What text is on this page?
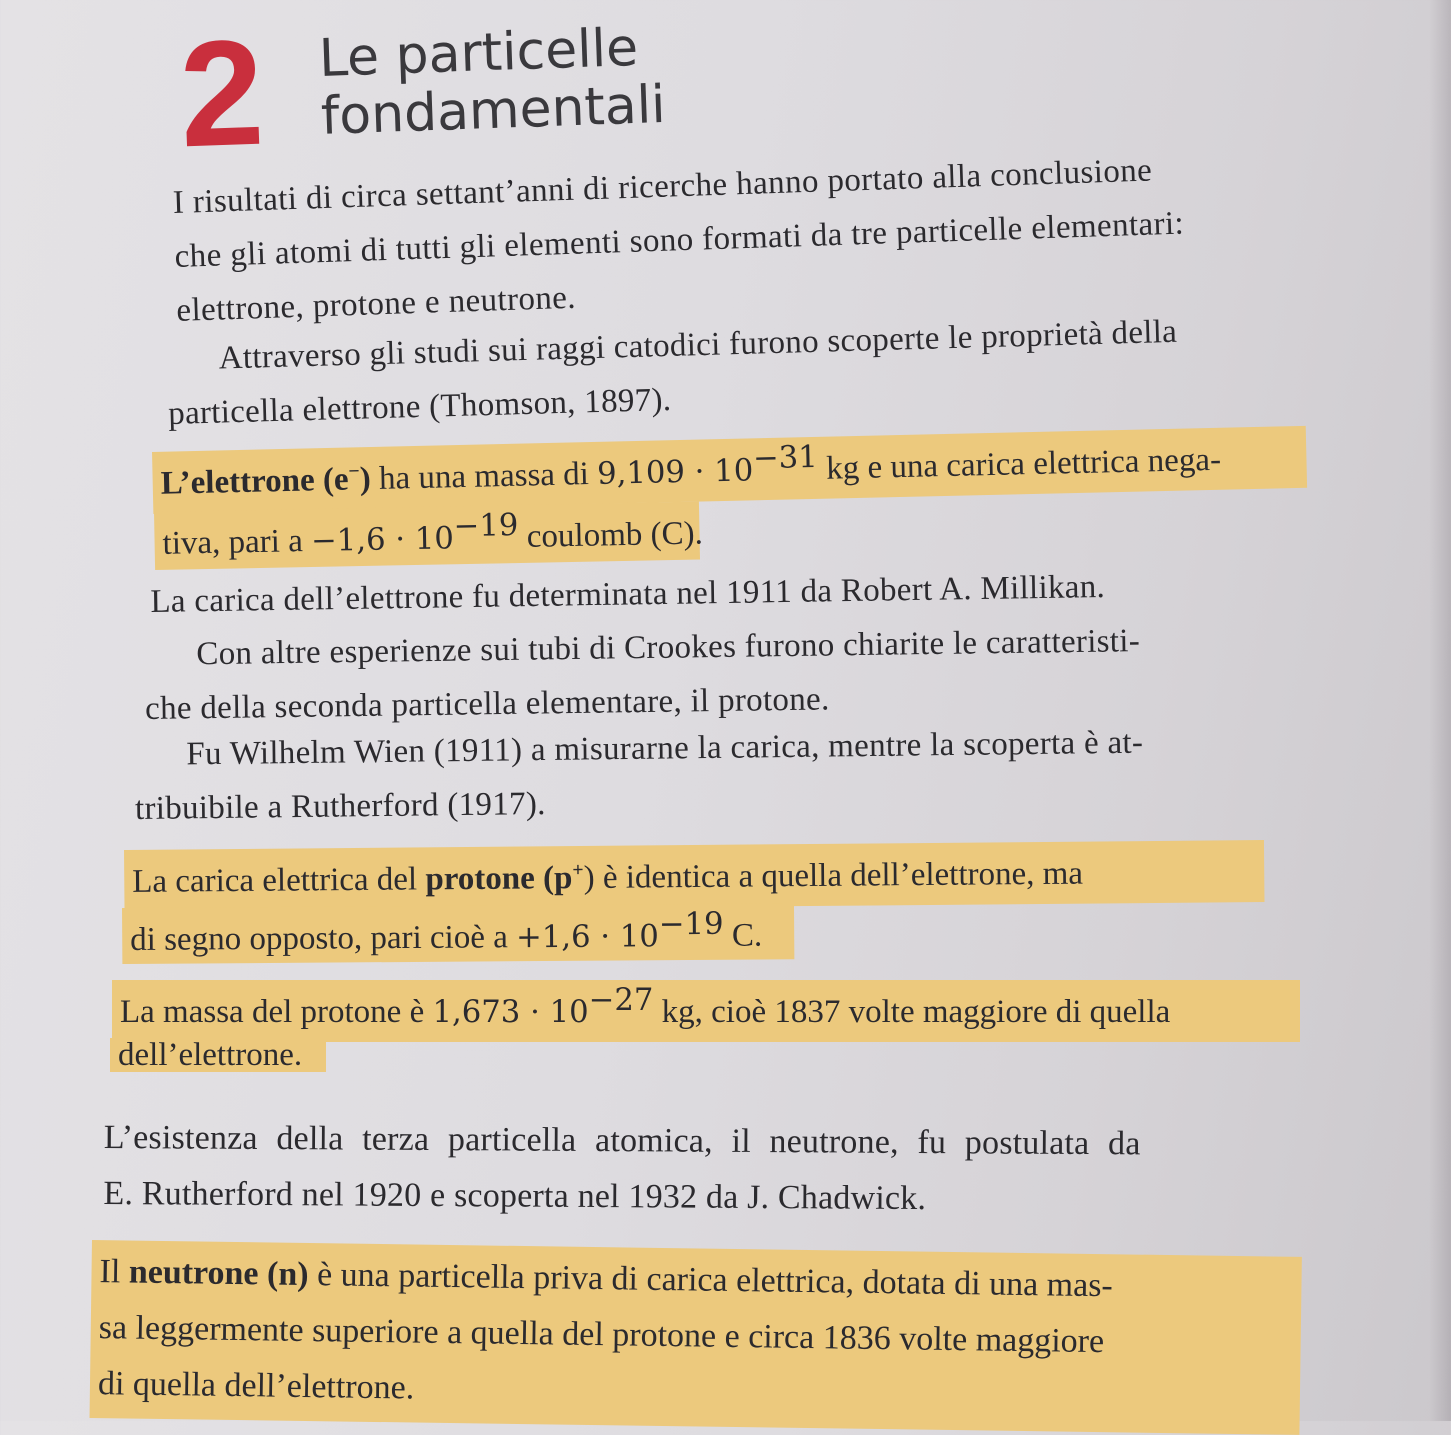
2 Le particelle
fondamentali
I risultati di circa settant’anni di ricerche hanno portato alla conclusione
che gli atomi di tutti gli elementi sono formati da tre particelle elementari:
elettrone, protone e neutrone.
Attraverso gli studi sui raggi catodici furono scoperte le proprietà della
particella elettrone (Thomson, 1897).
L’elettrone (e−) ha una massa di $9,109 \cdot 10^{-31}$ kg e una carica elettrica nega-
tiva, pari $a -1,6 \cdot 10^{-19}$ coulomb (C).
La carica dell’elettrone fu determinata nel 1911 da Robert A. Millikan.
Con altre esperienze sui tubi di Crookes furono chiarite le caratteristi-
che della seconda particella elementare, il protone.
Fu Wilhelm Wien (1911) a misurarne la carica, mentre la scoperta è at-
tribuibile a Rutherford (1917).
La carica elettrica del protone (p+) è identica a quella dell’elettrone, ma
di segno opposto, pari cioè $a +1,6 \cdot 10^{-19}$ C.
La massa del protone è $1,673 \cdot 10^{-27}$ kg, cioè 1837 volte maggiore di quella
dell’elettrone.
L’esistenza della terza particella atomica, il neutrone, fu postulata da
E. Rutherford nel 1920 e scoperta nel 1932 da J. Chadwick.
Il neutrone (n) è una particella priva di carica elettrica, dotata di una mas-
sa leggermente superiore a quella del protone e circa 1836 volte maggiore
di quella dell’elettrone.
